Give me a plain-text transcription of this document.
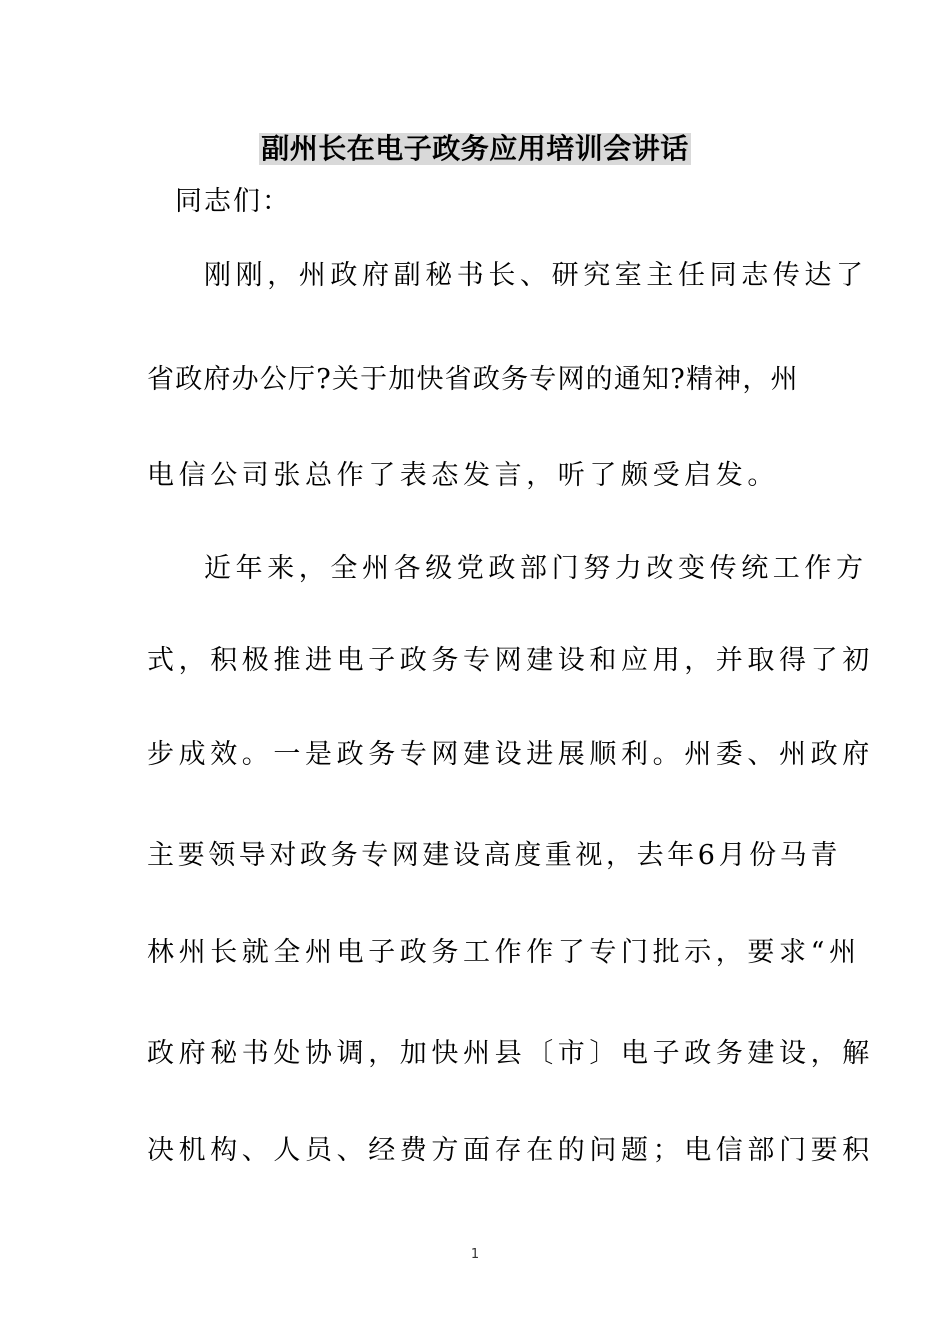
副州长在电子政务应用培训会讲话
同志们：
刚刚，州政府副秘书长、研究室主任同志传达了
省政府办公厅?关于加快省政务专网的通知?精神，州
电信公司张总作了表态发言，听了颇受启发。
近年来，全州各级党政部门努力改变传统工作方
式，积极推进电子政务专网建设和应用，并取得了初
步成效。一是政务专网建设进展顺利。州委、州政府
主要领导对政务专网建设高度重视，去年6月份马青
林州长就全州电子政务工作作了专门批示，要求“州
政府秘书处协调，加快州县〔市〕电子政务建设，解
决机构、人员、经费方面存在的问题；电信部门要积
1
